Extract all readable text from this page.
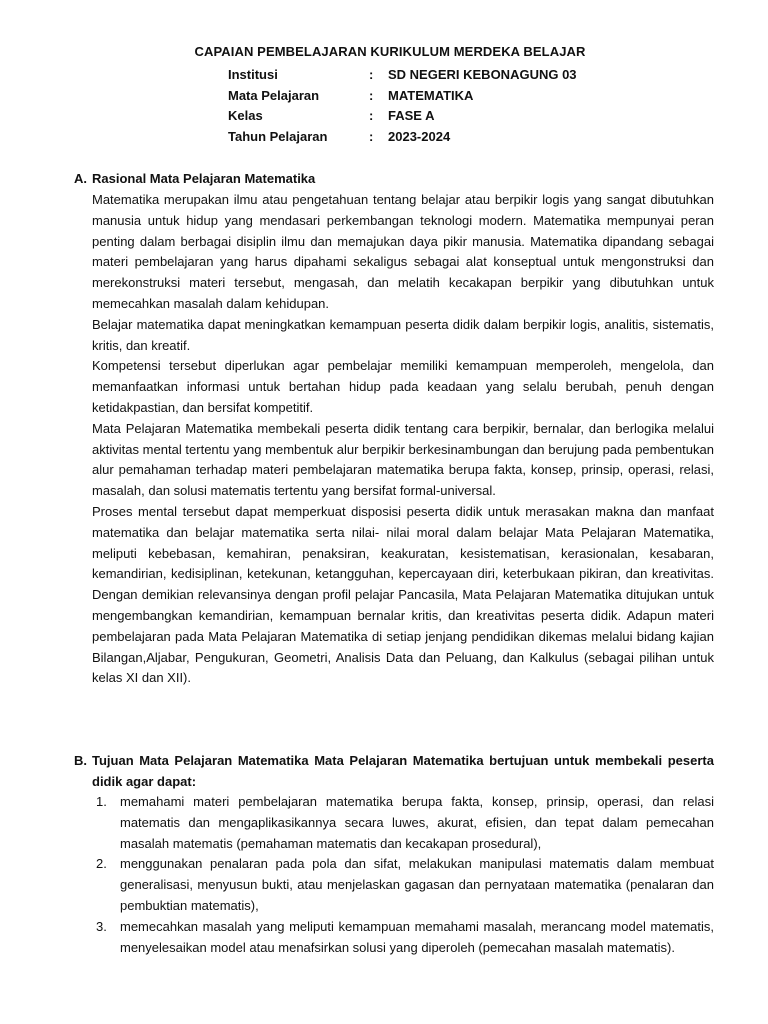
CAPAIAN PEMBELAJARAN KURIKULUM MERDEKA BELAJAR
Institusi	:	SD NEGERI KEBONAGUNG 03
Mata Pelajaran	:	MATEMATIKA
Kelas	:	FASE A
Tahun Pelajaran	:	2023-2024
A. Rasional Mata Pelajaran Matematika

Matematika merupakan ilmu atau pengetahuan tentang belajar atau berpikir logis yang sangat dibutuhkan manusia untuk hidup yang mendasari perkembangan teknologi modern. Matematika mempunyai peran penting dalam berbagai disiplin ilmu dan memajukan daya pikir manusia. Matematika dipandang sebagai materi pembelajaran yang harus dipahami sekaligus sebagai alat konseptual untuk mengonstruksi dan merekonstruksi materi tersebut, mengasah, dan melatih kecakapan berpikir yang dibutuhkan untuk memecahkan masalah dalam kehidupan.

Belajar matematika dapat meningkatkan kemampuan peserta didik dalam berpikir logis, analitis, sistematis, kritis, dan kreatif.

Kompetensi tersebut diperlukan agar pembelajar memiliki kemampuan memperoleh, mengelola, dan memanfaatkan informasi untuk bertahan hidup pada keadaan yang selalu berubah, penuh dengan ketidakpastian, dan bersifat kompetitif.

Mata Pelajaran Matematika membekali peserta didik tentang cara berpikir, bernalar, dan berlogika melalui aktivitas mental tertentu yang membentuk alur berpikir berkesinambungan dan berujung pada pembentukan alur pemahaman terhadap materi pembelajaran matematika berupa fakta, konsep, prinsip, operasi, relasi, masalah, dan solusi matematis tertentu yang bersifat formal-universal.

Proses mental tersebut dapat memperkuat disposisi peserta didik untuk merasakan makna dan manfaat matematika dan belajar matematika serta nilai- nilai moral dalam belajar Mata Pelajaran Matematika, meliputi kebebasan, kemahiran, penaksiran, keakuratan, kesistematisan, kerasionalan, kesabaran, kemandirian, kedisiplinan, ketekunan, ketangguhan, kepercayaan diri, keterbukaan pikiran, dan kreativitas. Dengan demikian relevansinya dengan profil pelajar Pancasila, Mata Pelajaran Matematika ditujukan untuk mengembangkan kemandirian, kemampuan bernalar kritis, dan kreativitas peserta didik. Adapun materi pembelajaran pada Mata Pelajaran Matematika di setiap jenjang pendidikan dikemas melalui bidang kajian Bilangan,Aljabar, Pengukuran, Geometri, Analisis Data dan Peluang, dan Kalkulus (sebagai pilihan untuk kelas XI dan XII).

B. Tujuan Mata Pelajaran Matematika Mata Pelajaran Matematika bertujuan untuk membekali peserta didik agar dapat:
1.	memahami materi pembelajaran matematika berupa fakta, konsep, prinsip, operasi, dan relasi matematis dan mengaplikasikannya secara luwes, akurat, efisien, dan tepat dalam pemecahan masalah matematis (pemahaman matematis dan kecakapan prosedural),
2.	menggunakan penalaran pada pola dan sifat, melakukan manipulasi matematis dalam membuat generalisasi, menyusun bukti, atau menjelaskan gagasan dan pernyataan matematika (penalaran dan pembuktian matematis),
3.	memecahkan masalah yang meliputi kemampuan memahami masalah, merancang model matematis, menyelesaikan model atau menafsirkan solusi yang diperoleh (pemecahan masalah matematis).
